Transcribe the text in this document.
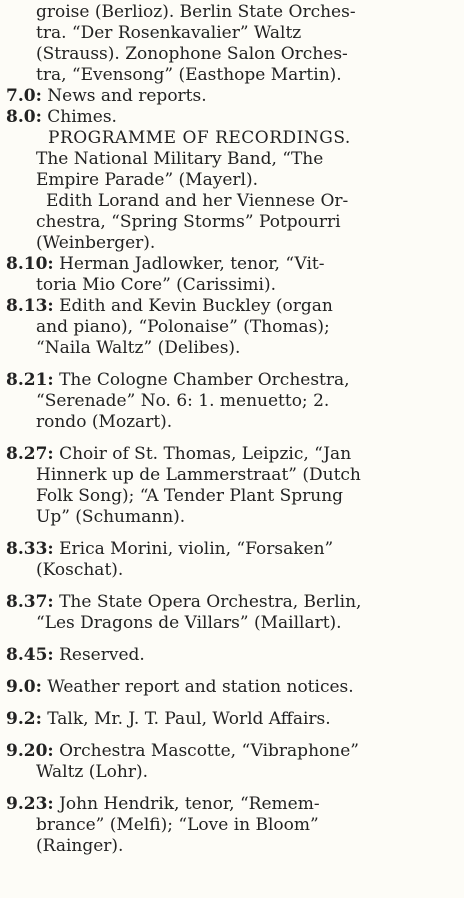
groise (Berlioz). Berlin State Orches-
tra. “Der Rosenkavalier” Waltz
(Strauss). Zonophone Salon Orches-
tra, “Evensong” (Easthope Martin).
7.0: News and reports.
8.0: Chimes.
PROGRAMME OF RECORDINGS.
The National Military Band, “The
Empire Parade” (Mayerl).
Edith Lorand and her Viennese Or-
chestra, “Spring Storms” Potpourri
(Weinberger).
8.10: Herman Jadlowker, tenor, “Vit-
toria Mio Core” (Carissimi).
8.13: Edith and Kevin Buckley (organ
and piano), “Polonaise” (Thomas);
“Naila Waltz” (Delibes).
8.21: The Cologne Chamber Orchestra,
“Serenade” No. 6: 1. menuetto; 2.
rondo (Mozart).
8.27: Choir of St. Thomas, Leipzic, “Jan
Hinnerk up de Lammerstraat” (Dutch
Folk Song); “A Tender Plant Sprung
Up” (Schumann).
8.33: Erica Morini, violin, “Forsaken”
(Koschat).
8.37: The State Opera Orchestra, Berlin,
“Les Dragons de Villars” (Maillart).
8.45: Reserved.
9.0: Weather report and station notices.
9.2: Talk, Mr. J. T. Paul, World Affairs.
9.20: Orchestra Mascotte, “Vibraphone”
Waltz (Lohr).
9.23: John Hendrik, tenor, “Remem-
brance” (Melfi); “Love in Bloom”
(Rainger).
